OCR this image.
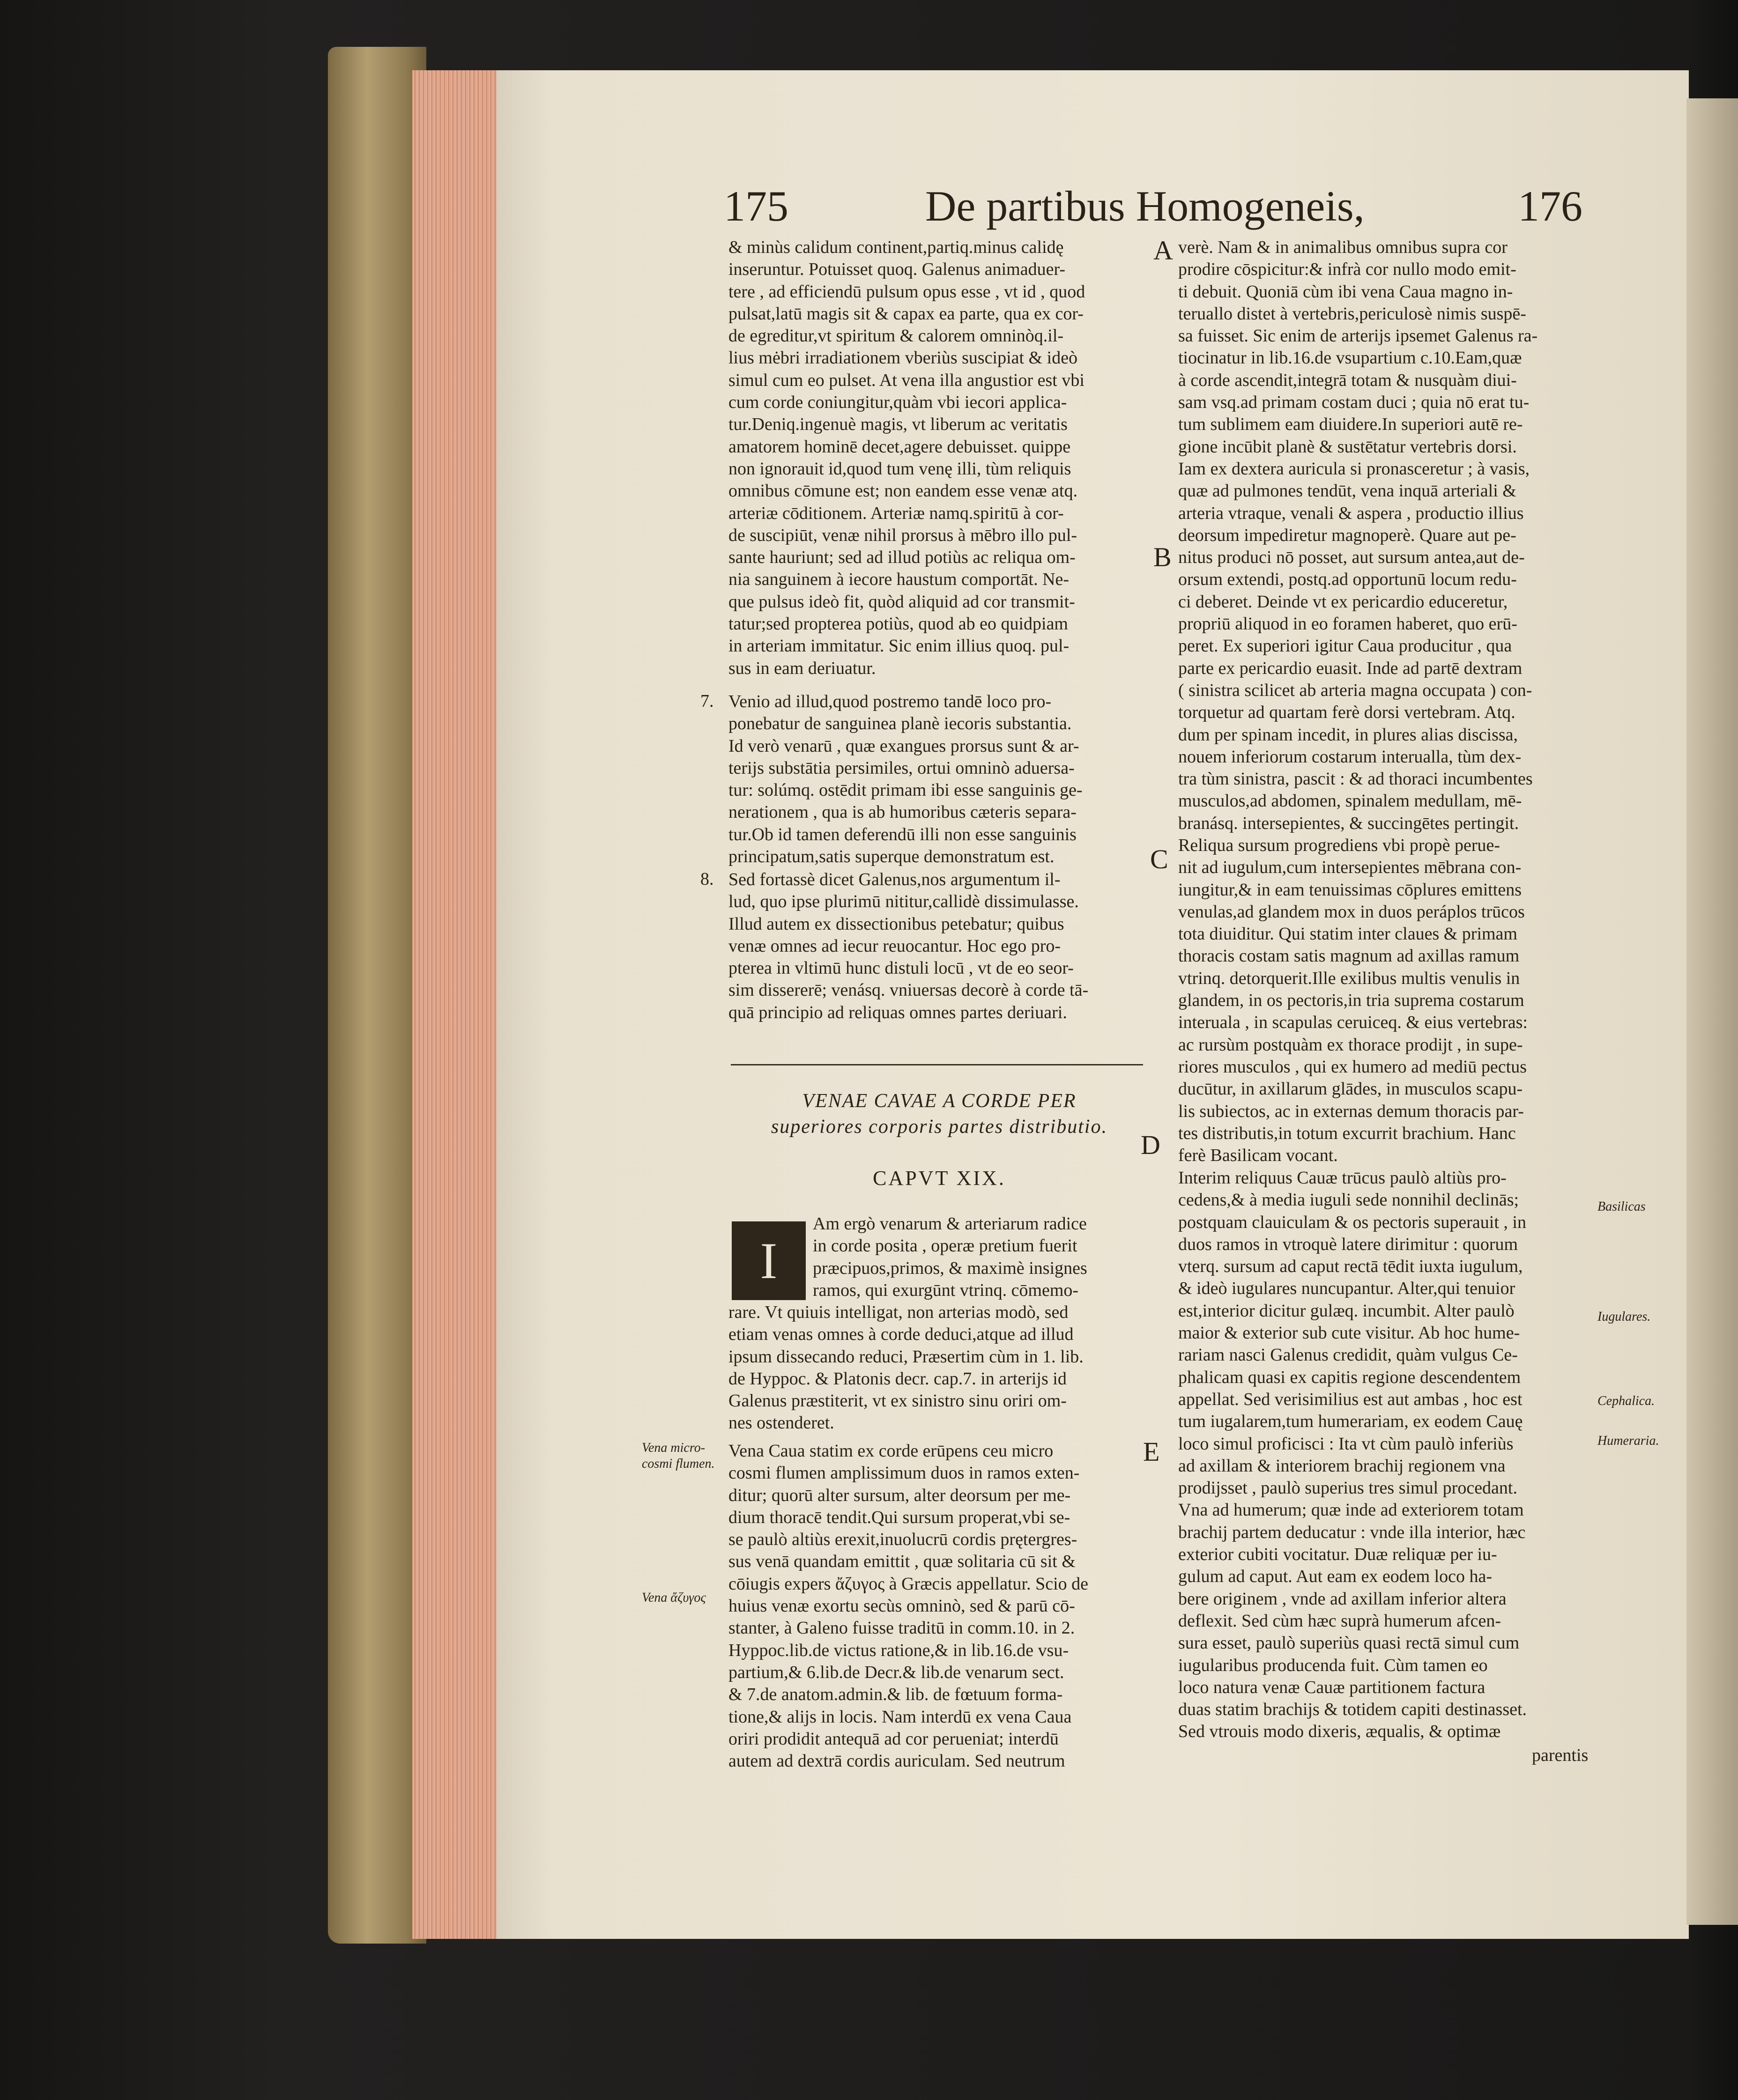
175	De partibus Homogeneis,	176

& minùs calidum continent,partiq.minus calidę

inseruntur. Potuisset quoq. Galenus animaduer-

tere , ad efficiendū pulsum opus esse , vt id , quod

pulsat,latū magis sit & capax ea parte, qua ex cor-

de egreditur,vt spiritum & calorem omninòq.il-

lius mėbri irradiationem vberiùs suscipiat & ideò

simul cum eo pulset. At vena illa angustior est vbi

cum corde coniungitur,quàm vbi iecori applica-

tur.Deniq.ingenuè magis, vt liberum ac veritatis

amatorem hominē decet,agere debuisset. quippe

non ignorauit id,quod tum venę illi, tùm reliquis

omnibus cōmune est; non eandem esse venæ atq.

arteriæ cōditionem. Arteriæ namq.spiritū à cor-

de suscipiūt, venæ nihil prorsus à mēbro illo pul-

sante hauriunt; sed ad illud potiùs ac reliqua om-

nia sanguinem à iecore haustum comportāt. Ne-

que pulsus ideò fit, quòd aliquid ad cor transmit-

tatur;sed propterea potiùs, quod ab eo quidpiam

in arteriam immitatur. Sic enim illius quoq. pul-

sus in eam deriuatur.

7. Venio ad illud,quod postremo tandē loco pro-

ponebatur de sanguinea planè iecoris substantia.

Id verò venarū , quæ exangues prorsus sunt & ar-

terijs substātia persimiles, ortui omninò aduersa-

tur: solúmq. ostēdit primam ibi esse sanguinis ge-

nerationem , qua is ab humoribus cæteris separa-

tur.Ob id tamen deferendū illi non esse sanguinis

principatum,satis superque demonstratum est.

8. Sed fortassè dicet Galenus,nos argumentum il-

lud, quo ipse plurimū nititur,callidè dissimulasse.

Illud autem ex dissectionibus petebatur; quibus

venæ omnes ad iecur reuocantur. Hoc ego pro-

pterea in vltimū hunc distuli locū , vt de eo seor-

sim dissererē; venásq. vniuersas decorè à corde tā-

quā principio ad reliquas omnes partes deriuari.

VENAE CAVAE A CORDE PER
superiores corporis partes distributio.
CAPVT XIX.
I

Am ergò venarum & arteriarum radice

in corde posita , operæ pretium fuerit

præcipuos,primos, & maximè insignes

ramos, qui exurgūnt vtrinq. cōmemo-

rare. Vt quiuis intelligat, non arterias modò, sed

etiam venas omnes à corde deduci,atque ad illud

ipsum dissecando reduci, Præsertim cùm in 1. lib.

de Hyppoc. & Platonis decr. cap.7. in arterijs id

Galenus præstiterit, vt ex sinistro sinu oriri om-

nes ostenderet.

Vena Caua statim ex corde erūpens ceu micro

cosmi flumen amplissimum duos in ramos exten-

ditur; quorū alter sursum, alter deorsum per me-

dium thoracē tendit.Qui sursum properat,vbi se-

se paulò altiùs erexit,inuolucrū cordis prętergres-

sus venā quandam emittit , quæ solitaria cū sit &

cōiugis expers ἄζυγος à Græcis appellatur. Scio de

huius venæ exortu secùs omninò, sed & parū cō-

stanter, à Galeno fuisse traditū in comm.10. in 2.

Hyppoc.lib.de victus ratione,& in lib.16.de vsu-

partium,& 6.lib.de Decr.& lib.de venarum sect.

& 7.de anatom.admin.& lib. de fœtuum forma-

tione,& alijs in locis. Nam interdū ex vena Caua

oriri prodidit antequā ad cor perueniat; interdū

autem ad dextrā cordis auriculam. Sed neutrum

Vena micro-cosmi flumen.
Vena ἄζυγος
A
B
C
D
E

verè. Nam & in animalibus omnibus supra cor

prodire cōspicitur:& infrà cor nullo modo emit-

ti debuit. Quoniā cùm ibi vena Caua magno in-

teruallo distet à vertebris,periculosè nimis suspē-

sa fuisset. Sic enim de arterijs ipsemet Galenus ra-

tiocinatur in lib.16.de vsupartium c.10.Eam,quæ

à corde ascendit,integrā totam & nusquàm diui-

sam vsq.ad primam costam duci ; quia nō erat tu-

tum sublimem eam diuidere.In superiori autē re-

gione incūbit planè & sustētatur vertebris dorsi.

Iam ex dextera auricula si pronasceretur ; à vasis,

quæ ad pulmones tendūt, vena inquā arteriali &

arteria vtraque, venali & aspera , productio illius

deorsum impediretur magnoperè. Quare aut pe-

nitus produci nō posset, aut sursum antea,aut de-

orsum extendi, postq.ad opportunū locum redu-

ci deberet. Deinde vt ex pericardio educeretur,

propriū aliquod in eo foramen haberet, quo erū-

peret. Ex superiori igitur Caua producitur , qua

parte ex pericardio euasit. Inde ad partē dextram

( sinistra scilicet ab arteria magna occupata ) con-

torquetur ad quartam ferè dorsi vertebram. Atq.

dum per spinam incedit, in plures alias discissa,

nouem inferiorum costarum interualla, tùm dex-

tra tùm sinistra, pascit : & ad thoraci incumbentes

musculos,ad abdomen, spinalem medullam, mē-

branásq. intersepientes, & succingētes pertingit.

Reliqua sursum progrediens vbi propè perue-

nit ad iugulum,cum intersepientes mēbrana con-

iungitur,& in eam tenuissimas cōplures emittens

venulas,ad glandem mox in duos peráplos trūcos

tota diuiditur. Qui statim inter claues & primam

thoracis costam satis magnum ad axillas ramum

vtrinq. detorquerit.Ille exilibus multis venulis in

glandem, in os pectoris,in tria suprema costarum

interuala , in scapulas ceruiceq. & eius vertebras:

ac rursùm postquàm ex thorace prodijt , in supe-

riores musculos , qui ex humero ad mediū pectus

ducūtur, in axillarum glādes, in musculos scapu-

lis subiectos, ac in externas demum thoracis par-

tes distributis,in totum excurrit brachium. Hanc

ferè Basilicam vocant.

Interim reliquus Cauæ trūcus paulò altiùs pro-

cedens,& à media iuguli sede nonnihil declinās;

postquam clauiculam & os pectoris superauit , in

duos ramos in vtroquè latere dirimitur : quorum

vterq. sursum ad caput rectā tēdit iuxta iugulum,

& ideò iugulares nuncupantur. Alter,qui tenuior

est,interior dicitur gulæq. incumbit. Alter paulò

maior & exterior sub cute visitur. Ab hoc hume-

rariam nasci Galenus credidit, quàm vulgus Ce-

phalicam quasi ex capitis regione descendentem

appellat. Sed verisimilius est aut ambas , hoc est

tum iugalarem,tum humerariam, ex eodem Cauę

loco simul proficisci : Ita vt cùm paulò inferiùs

ad axillam & interiorem brachij regionem vna

prodijsset , paulò superius tres simul procedant.

Vna ad humerum; quæ inde ad exteriorem totam

brachij partem deducatur : vnde illa interior, hæc

exterior cubiti vocitatur. Duæ reliquæ per iu-

gulum ad caput. Aut eam ex eodem loco ha-

bere originem , vnde ad axillam inferior altera

deflexit. Sed cùm hæc suprà humerum afcen-

sura esset, paulò superiùs quasi rectā simul cum

iugularibus producenda fuit. Cùm tamen eo

loco natura venæ Cauæ partitionem factura

duas statim brachijs & totidem capiti destinasset.

Sed vtrouis modo dixeris, æqualis, & optimæ

parentis
Basilicas
Iugulares.
Cephalica.
Humeraria.
